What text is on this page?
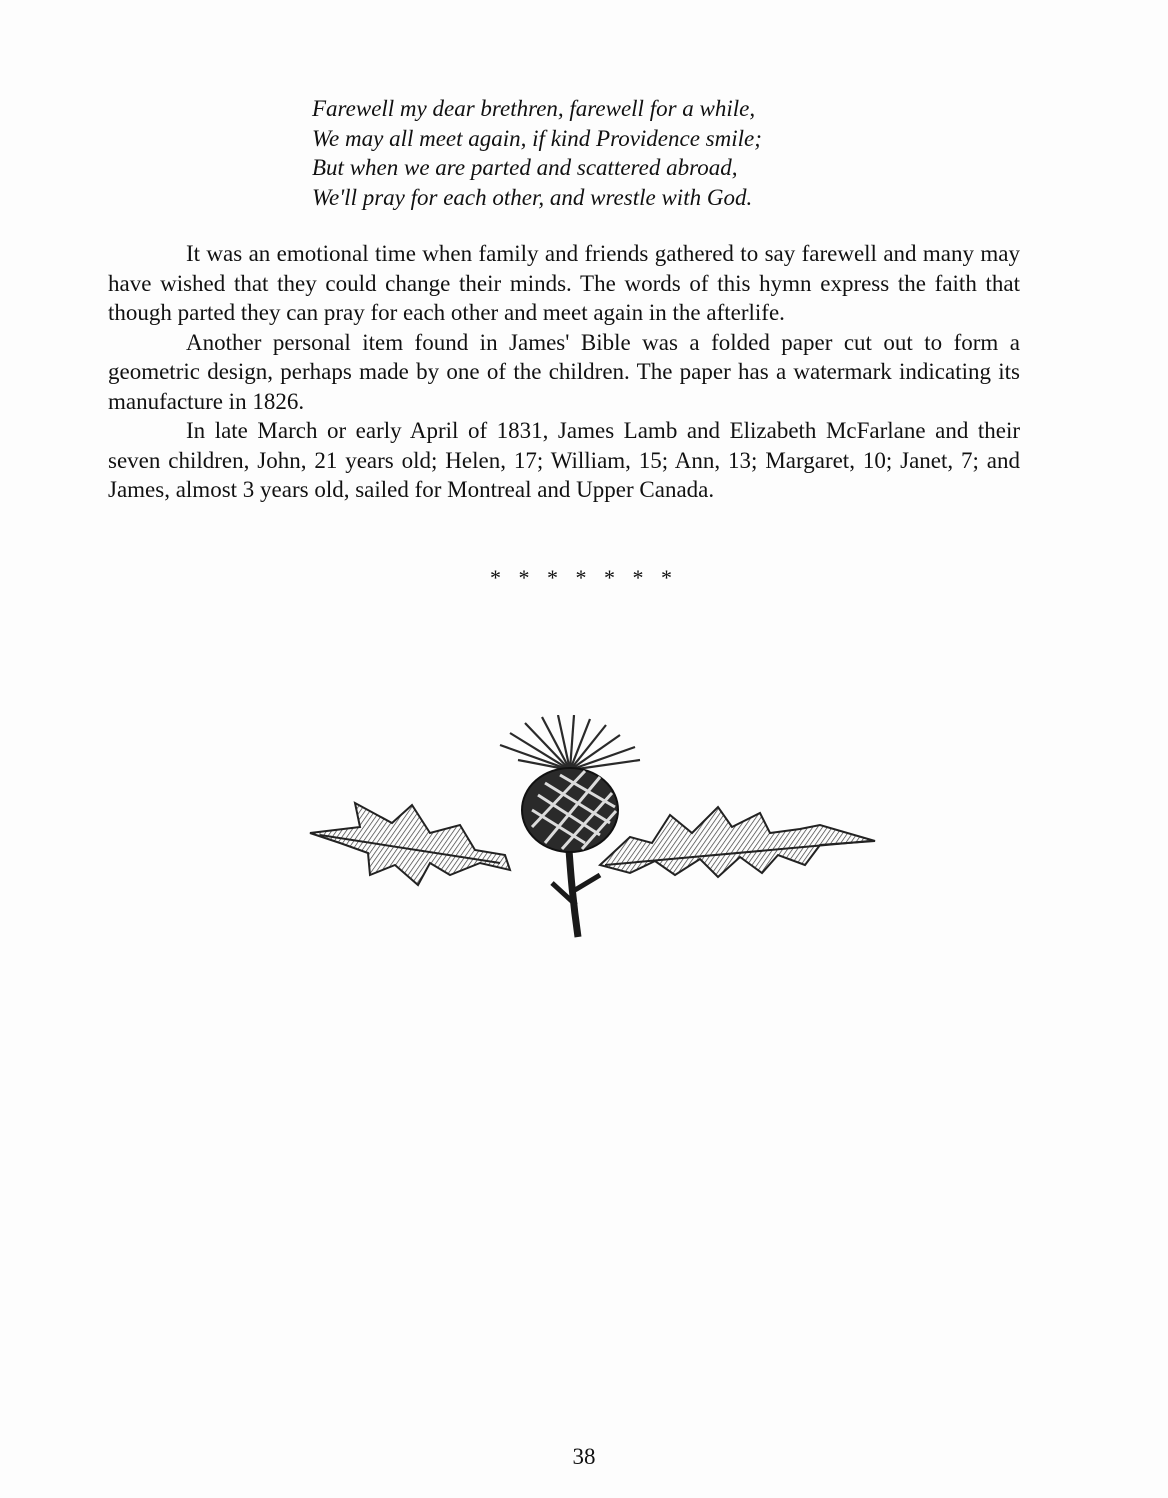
Farewell my dear brethren, farewell for a while,
We may all meet again, if kind Providence smile;
But when we are parted and scattered abroad,
We'll pray for each other, and wrestle with God.

It was an emotional time when family and friends gathered to say farewell and many may have wished that they could change their minds. The words of this hymn express the faith that though parted they can pray for each other and meet again in the afterlife.

Another personal item found in James' Bible was a folded paper cut out to form a geometric design, perhaps made by one of the children. The paper has a watermark indicating its manufacture in 1826.

In late March or early April of 1831, James Lamb and Elizabeth McFarlane and their seven children, John, 21 years old; Helen, 17; William, 15; Ann, 13; Margaret, 10; Janet, 7; and James, almost 3 years old, sailed for Montreal and Upper Canada.

* * * * * * *
38
